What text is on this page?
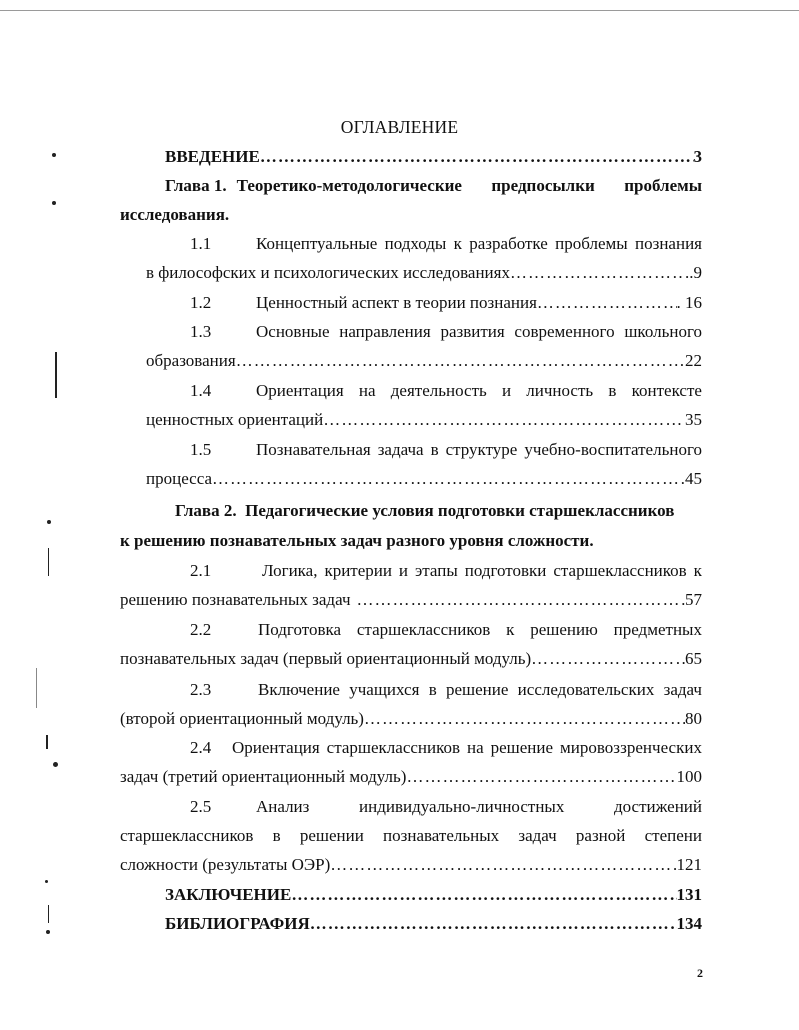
ОГЛАВЛЕНИЕ
ВВЕДЕНИЕ ………………………………………………………………………………………………………………………………………………………………………………	3
Глава 1. Теоретико-методологические предпосылки проблемы
исследования.
1.1	Концептуальные подходы к разработке проблемы познания
в философских и психологических исследованиях ………………………………………………………………………………………………………………………………………………………………………………	..9
1.2	Ценностный аспект в теории познания ………………………………………………………………………………………………………………………………………………………………………………	. 16
1.3	Основные направления развития современного школьного
образования ………………………………………………………………………………………………………………………………………………………………………………	22
1.4	Ориентация на деятельность и личность в контексте
ценностных ориентаций ………………………………………………………………………………………………………………………………………………………………………………	35
1.5	Познавательная задача в структуре учебно-воспитательного
процесса ………………………………………………………………………………………………………………………………………………………………………………	45
Глава 2. Педагогические условия подготовки старшеклассников
к решению познавательных задач разного уровня сложности.
2.1	Логика, критерии и этапы подготовки старшеклассников к
решению познавательных задач ………………………………………………………………………………………………………………………………………………………………………………	57
2.2	Подготовка старшеклассников к решению предметных
познавательных задач (первый ориентационный модуль) ………………………………………………………………………………………………………………………………………………………………………………	65
2.3	Включение учащихся в решение исследовательских задач
(второй ориентационный модуль) ………………………………………………………………………………………………………………………………………………………………………………	80
2.4 Ориентация старшеклассников на решение мировоззренческих
задач (третий ориентационный модуль) ………………………………………………………………………………………………………………………………………………………………………………	100
2.5	Анализ	индивидуально-личностных	достижений
старшеклассников в решении познавательных задач разной степени
сложности (результаты ОЭР) ………………………………………………………………………………………………………………………………………………………………………………	121
ЗАКЛЮЧЕНИЕ ………………………………………………………………………………………………………………………………………………………………………………	131
БИБЛИОГРАФИЯ ………………………………………………………………………………………………………………………………………………………………………………	134
2
